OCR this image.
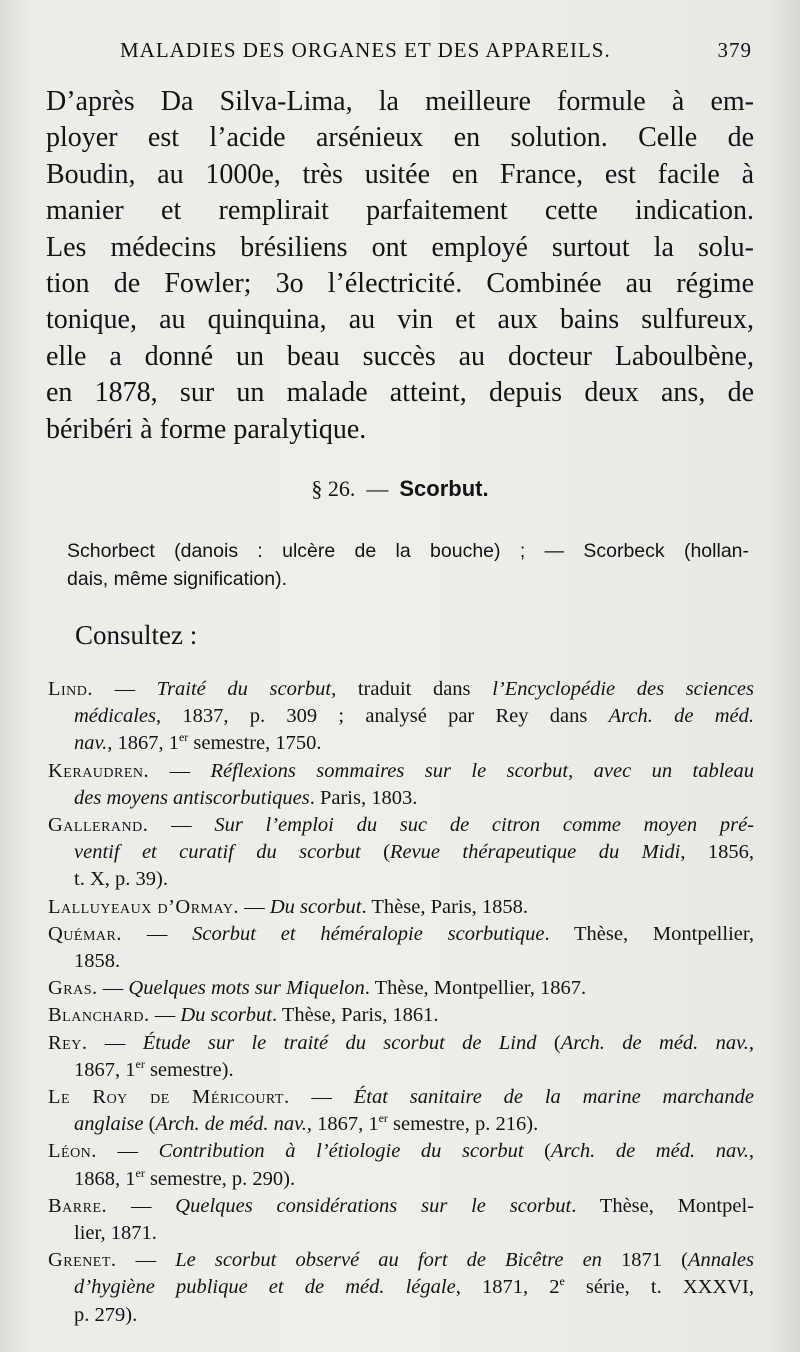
MALADIES DES ORGANES ET DES APPAREILS.	379
D’après Da Silva-Lima, la meilleure formule à em-
ployer est l’acide arsénieux en solution. Celle de
Boudin, au 1000e, très usitée en France, est facile à
manier et remplirait parfaitement cette indication.
Les médecins brésiliens ont employé surtout la solu-
tion de Fowler; 3o l’électricité. Combinée au régime
tonique, au quinquina, au vin et aux bains sulfureux,
elle a donné un beau succès au docteur Laboulbène,
en 1878, sur un malade atteint, depuis deux ans, de
béribéri à forme paralytique.
§ 26. — Scorbut.
Schorbect (danois : ulcère de la bouche) ; — Scorbeck (hollan-
dais, même signification).
Consultez :

Lind. — Traité du scorbut, traduit dans l’Encyclopédie des sciences
médicales, 1837, p. 309 ; analysé par Rey dans Arch. de méd.
nav., 1867, 1er semestre, 1750.

Keraudren. — Réflexions sommaires sur le scorbut, avec un tableau
des moyens antiscorbutiques. Paris, 1803.

Gallerand. — Sur l’emploi du suc de citron comme moyen pré-
ventif et curatif du scorbut (Revue thérapeutique du Midi, 1856,
t. X, p. 39).

Lalluyeaux d’Ormay. — Du scorbut. Thèse, Paris, 1858.

Quémar. — Scorbut et héméralopie scorbutique. Thèse, Montpellier,
1858.

Gras. — Quelques mots sur Miquelon. Thèse, Montpellier, 1867.

Blanchard. — Du scorbut. Thèse, Paris, 1861.

Rey. — Étude sur le traité du scorbut de Lind (Arch. de méd. nav.,
1867, 1er semestre).

Le Roy de Méricourt. — État sanitaire de la marine marchande
anglaise (Arch. de méd. nav., 1867, 1er semestre, p. 216).

Léon. — Contribution à l’étiologie du scorbut (Arch. de méd. nav.,
1868, 1er semestre, p. 290).

Barre. — Quelques considérations sur le scorbut. Thèse, Montpel-
lier, 1871.

Grenet. — Le scorbut observé au fort de Bicêtre en 1871 (Annales
d’hygiène publique et de méd. légale, 1871, 2e série, t. XXXVI,
p. 279).
